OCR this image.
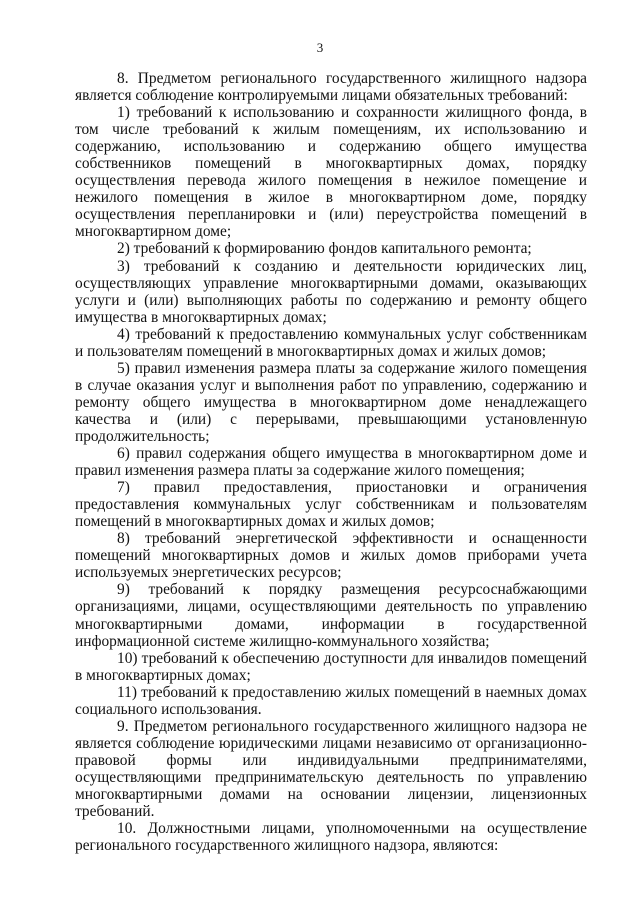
3

8. Предметом регионального государственного жилищного надзора является соблюдение контролируемыми лицами обязательных требований:

1) требований к использованию и сохранности жилищного фонда, в том числе требований к жилым помещениям, их использованию и содержанию, использованию и содержанию общего имущества собственников помещений в многоквартирных домах, порядку осуществления перевода жилого помещения в нежилое помещение и нежилого помещения в жилое в многоквартирном доме, порядку осуществления перепланировки и (или) переустройства помещений в многоквартирном доме;

2) требований к формированию фондов капитального ремонта;

3) требований к созданию и деятельности юридических лиц, осуществляющих управление многоквартирными домами, оказывающих услуги и (или) выполняющих работы по содержанию и ремонту общего имущества в многоквартирных домах;

4) требований к предоставлению коммунальных услуг собственникам и пользователям помещений в многоквартирных домах и жилых домов;

5) правил изменения размера платы за содержание жилого помещения в случае оказания услуг и выполнения работ по управлению, содержанию и ремонту общего имущества в многоквартирном доме ненадлежащего качества и (или) с перерывами, превышающими установленную продолжительность;

6) правил содержания общего имущества в многоквартирном доме и правил изменения размера платы за содержание жилого помещения;

7) правил предоставления, приостановки и ограничения предоставления коммунальных услуг собственникам и пользователям помещений в многоквартирных домах и жилых домов;

8) требований энергетической эффективности и оснащенности помещений многоквартирных домов и жилых домов приборами учета используемых энергетических ресурсов;

9) требований к порядку размещения ресурсоснабжающими организациями, лицами, осуществляющими деятельность по управлению многоквартирными домами, информации в государственной информационной системе жилищно-коммунального хозяйства;

10) требований к обеспечению доступности для инвалидов помещений в многоквартирных домах;

11) требований к предоставлению жилых помещений в наемных домах социального использования.

9. Предметом регионального государственного жилищного надзора не является соблюдение юридическими лицами независимо от организационно-правовой формы или индивидуальными предпринимателями, осуществляющими предпринимательскую деятельность по управлению многоквартирными домами на основании лицензии, лицензионных требований.

10. Должностными лицами, уполномоченными на осуществление регионального государственного жилищного надзора, являются:
